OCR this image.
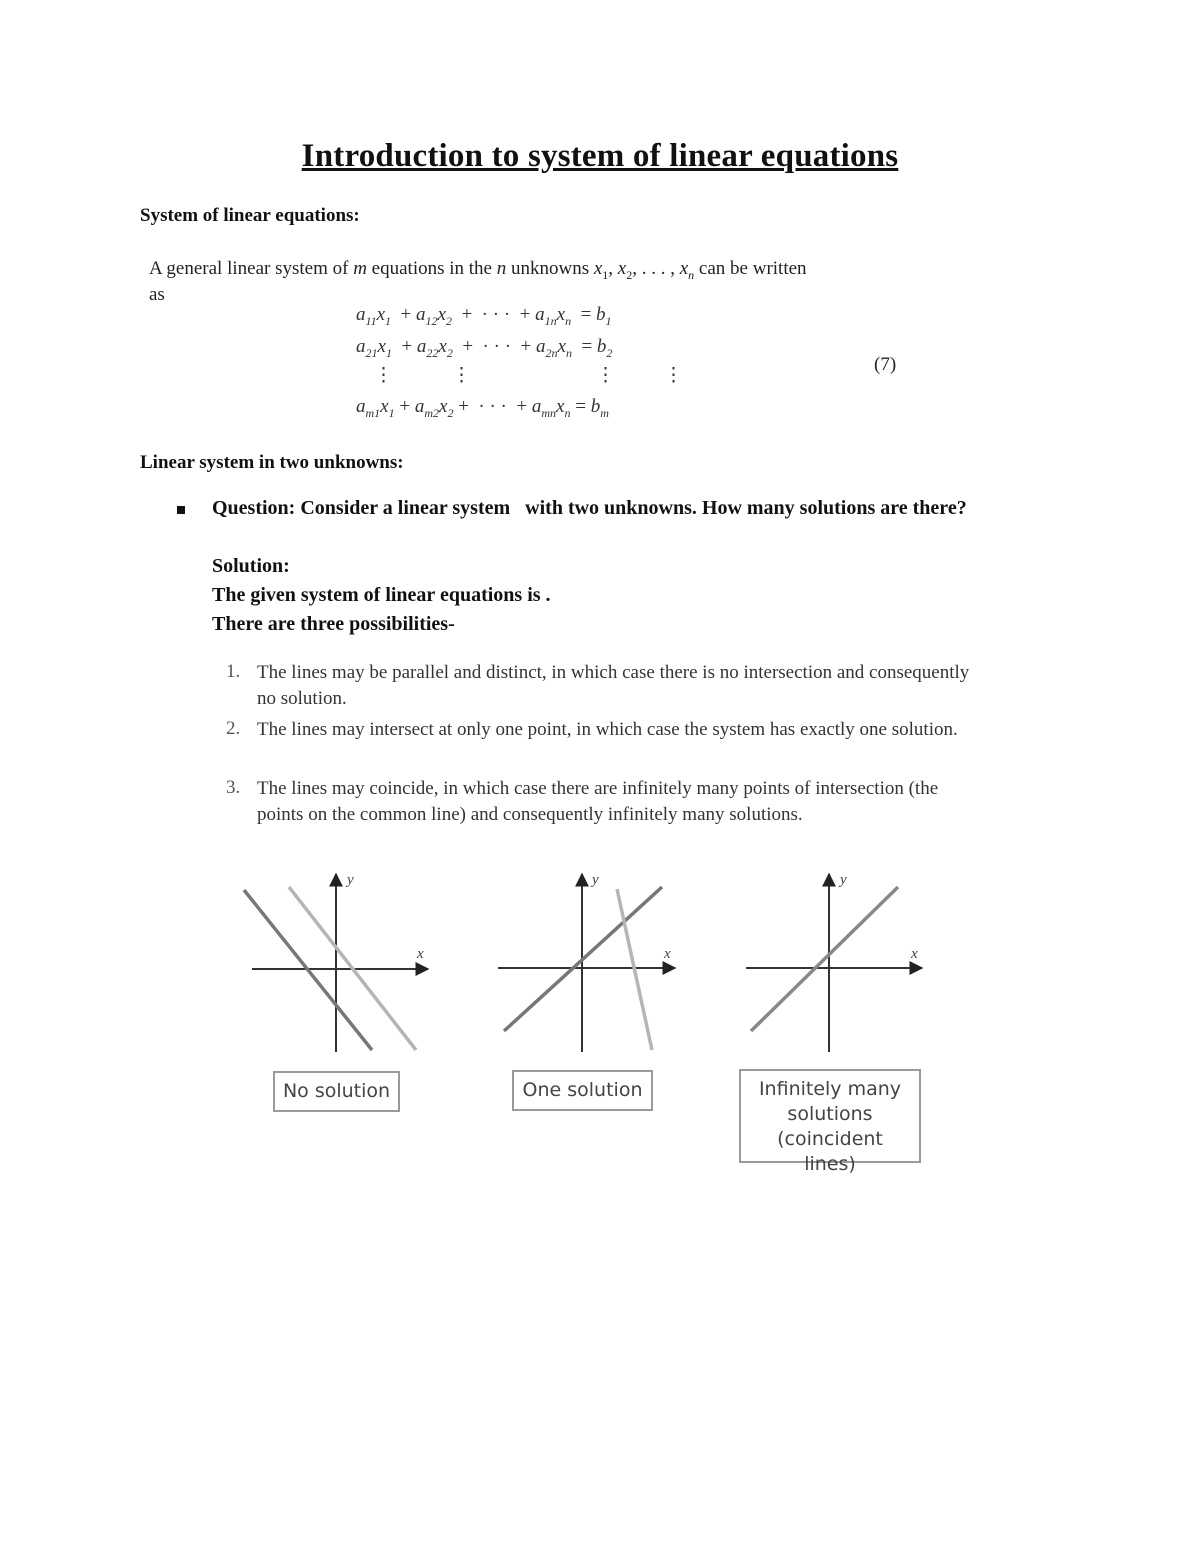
Introduction to system of linear equations
System of linear equations:
A general linear system of m equations in the n unknowns $x_1$, $x_2$, . . . , $x_n$ can be written
as
$a_{11}x_1 + a_{12}x_2$  +  · · ·  + $a_{1n}x_n = b_1$
$a_{21}x_1 + a_{22}x_2$  +  · · ·  + $a_{2n}x_n = b_2$
⋮	⋮	⋮	⋮
$a_{m1}x_1 + a_{m2}x_2$ +  · · ·  + $a_{mn}x_n = b_m$
(7)
Linear system in two unknowns:
Question: Consider a linear system   with two unknowns. How many solutions are there?
Solution:
The given system of linear equations is .
There are three possibilities-
1. The lines may be parallel and distinct, in which case there is no intersection and consequently no solution.
2. The lines may intersect at only one point, in which case the system has exactly one solution.
3. The lines may coincide, in which case there are infinitely many points of intersection (the points on the common line) and consequently infinitely many solutions.
x
y
x
y
x
y
No solution	One solution	Infinitely many solutions (coincident lines)
